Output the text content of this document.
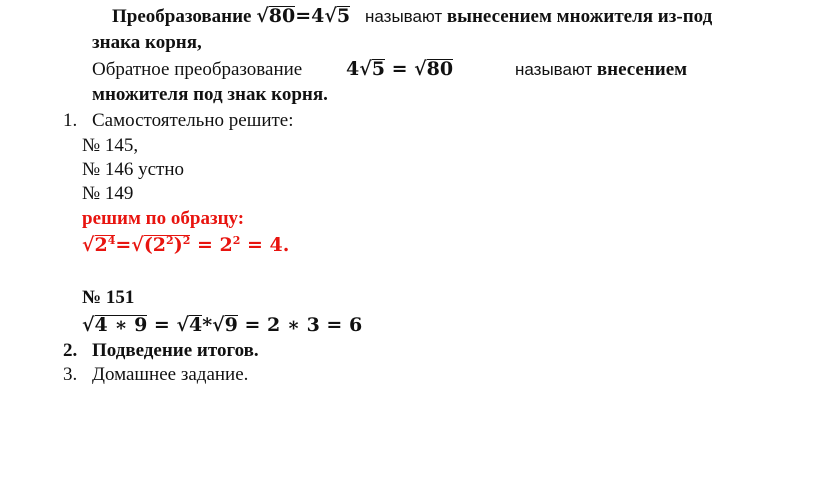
Преобразование √80=4√5 называют вынесением множителя из-под
знака корня,
Обратное преобразование 4√5 = √80	называют внесением
множителя под знак корня.
1. Самостоятельно решите:
№ 145,
№ 146 устно
№ 149
решим по образцу:
$√2^4=√(2^2)^2 = 2^2 = 4$.
№ 151
√4 ∗ 9 = √4*√9 = 2 ∗ 3 = 6
2. Подведение итогов.
3. Домашнее задание.
